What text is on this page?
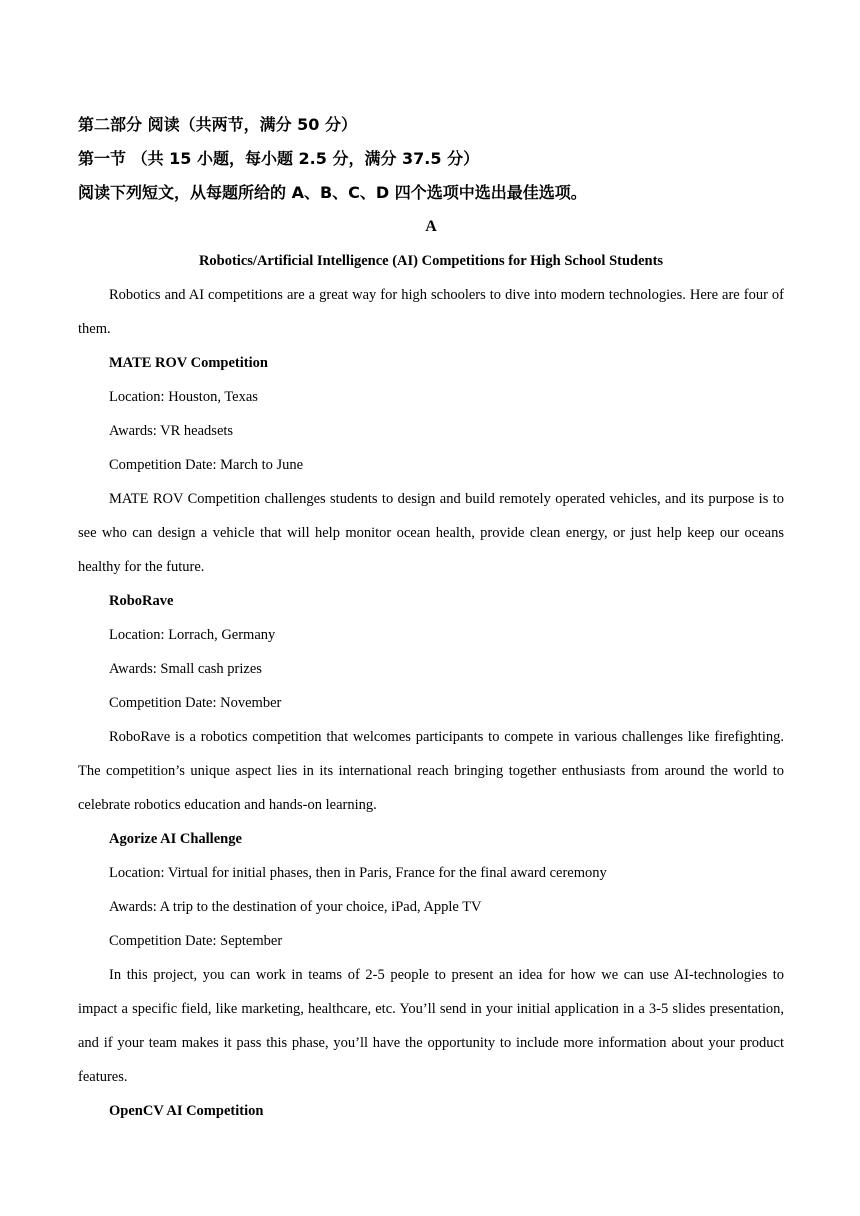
第二部分 阅读（共两节，满分 50 分）
第一节 （共 15 小题，每小题 2.5 分，满分 37.5 分）
阅读下列短文，从每题所给的 A、B、C、D 四个选项中选出最佳选项。
A
Robotics/Artificial Intelligence (AI) Competitions for High School Students

Robotics and AI competitions are a great way for high schoolers to dive into modern technologies. Here are four of them.

MATE ROV Competition
Location: Houston, Texas
Awards: VR headsets
Competition Date: March to June

MATE ROV Competition challenges students to design and build remotely operated vehicles, and its purpose is to see who can design a vehicle that will help monitor ocean health, provide clean energy, or just help keep our oceans healthy for the future.

RoboRave
Location: Lorrach, Germany
Awards: Small cash prizes
Competition Date: November

RoboRave is a robotics competition that welcomes participants to compete in various challenges like firefighting. The competition’s unique aspect lies in its international reach bringing together enthusiasts from around the world to celebrate robotics education and hands-on learning.

Agorize AI Challenge
Location: Virtual for initial phases, then in Paris, France for the final award ceremony
Awards: A trip to the destination of your choice, iPad, Apple TV
Competition Date: September

In this project, you can work in teams of 2-5 people to present an idea for how we can use AI-technologies to impact a specific field, like marketing, healthcare, etc. You’ll send in your initial application in a 3-5 slides presentation, and if your team makes it pass this phase, you’ll have the opportunity to include more information about your product features.

OpenCV AI Competition
